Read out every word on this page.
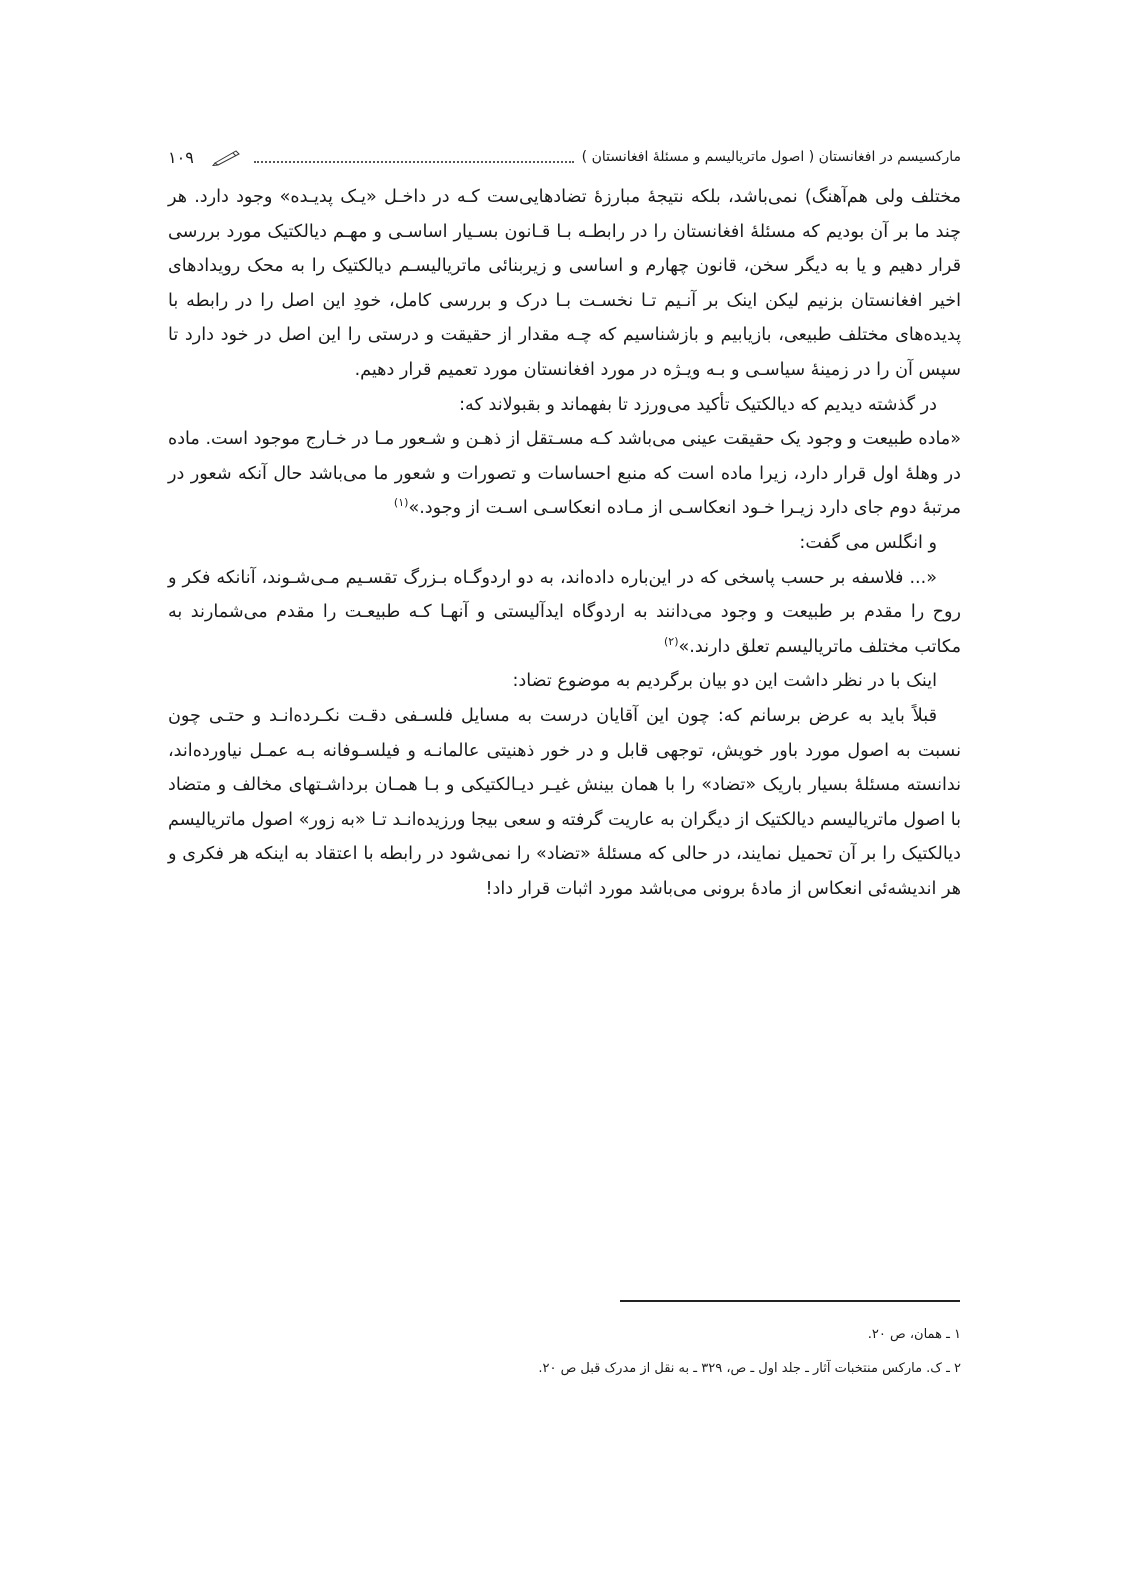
مارکسیسم در افغانستان ( اصول ماتریالیسم و مسئلۀ افغانستان )
۱۰۹

مختلف ولی هم‌آهنگ) نمی‌باشد، بلکه نتیجۀ مبارزۀ تضادهایی‌ست کـه در داخـل «یـک پدیـده» وجود دارد. هر چند ما بر آن بودیم که مسئلۀ افغانستان را در رابطـه بـا قـانون بسـیار اساسـی و مهـم دیالکتیک مورد بررسی قرار دهیم و یا به دیگر سخن، قانون چهارم و اساسی و زیربنائی ماتریالیسـم دیالکتیک را به محک رویدادهای اخیر افغانستان بزنیم لیکن اینک بر آنـیم تـا نخسـت بـا درک و بررسی کامل، خودِ این اصل را در رابطه با پدیده‌های مختلف طبیعی، بازیابیم و بازشناسیم که چـه مقدار از حقیقت و درستی را این اصل در خود دارد تا سپس آن را در زمینۀ سیاسـی و بـه ویـژه در مورد افغانستان مورد تعمیم قرار دهیم.

در گذشته دیدیم که دیالکتیک تأکید می‌ورزد تا بفهماند و بقبولاند که:

«ماده طبیعت و وجود یک حقیقت عینی می‌باشد کـه مسـتقل از ذهـن و شـعور مـا در خـارج موجود است. ماده در وهلۀ اول قرار دارد، زیرا ماده است که منبع احساسات و تصورات و شعور ما می‌باشد حال آنکه شعور در مرتبۀ دوم جای دارد زیـرا خـود انعکاسـی از مـاده انعکاسـی اسـت از وجود.»$^{(۱)}$

و انگلس می گفت:

«... فلاسفه بر حسب پاسخی که در این‌باره داده‌اند، به دو اردوگـاه بـزرگ تقسـیم مـی‌شـوند، آنانکه فکر و روح را مقدم بر طبیعت و وجود می‌دانند به اردوگاه ایدآلیستی و آنهـا کـه طبیعـت را مقدم می‌شمارند به مکاتب مختلف ماتریالیسم تعلق دارند.»$^{(۲)}$

اینک با در نظر داشت این دو بیان برگردیم به موضوع تضاد:

قبلاً باید به عرض برسانم که: چون این آقایان درست به مسایل فلسـفی دقـت نکـرده‌انـد و حتـی چون نسبت به اصول مورد باور خویش، توجهی قابل و در خور ذهنیتی عالمانـه و فیلسـوفانه بـه عمـل نیاورده‌اند، ندانسته مسئلۀ بسیار باریک «تضاد» را با همان بینش غیـر دیـالکتیکی و بـا همـان برداشـتهای مخالف و متضاد با اصول ماتریالیسم دیالکتیک از دیگران به عاریت گرفته و سعی بیجا ورزیده‌انـد تـا «به زور» اصول ماتریالیسم دیالکتیک را بر آن تحمیل نمایند، در حالی که مسئلۀ «تضاد» را نمی‌شود در رابطه با اعتقاد به اینکه هر فکری و هر اندیشه‌ئی انعکاس از مادۀ برونی می‌باشد مورد اثبات قرار داد!

۱ ـ همان، ص ۲۰.
۲ ـ ک. مارکس منتخبات آثار ـ جلد اول ـ ص، ۳۲۹ ـ به نقل از مدرک قبل ص ۲۰.
